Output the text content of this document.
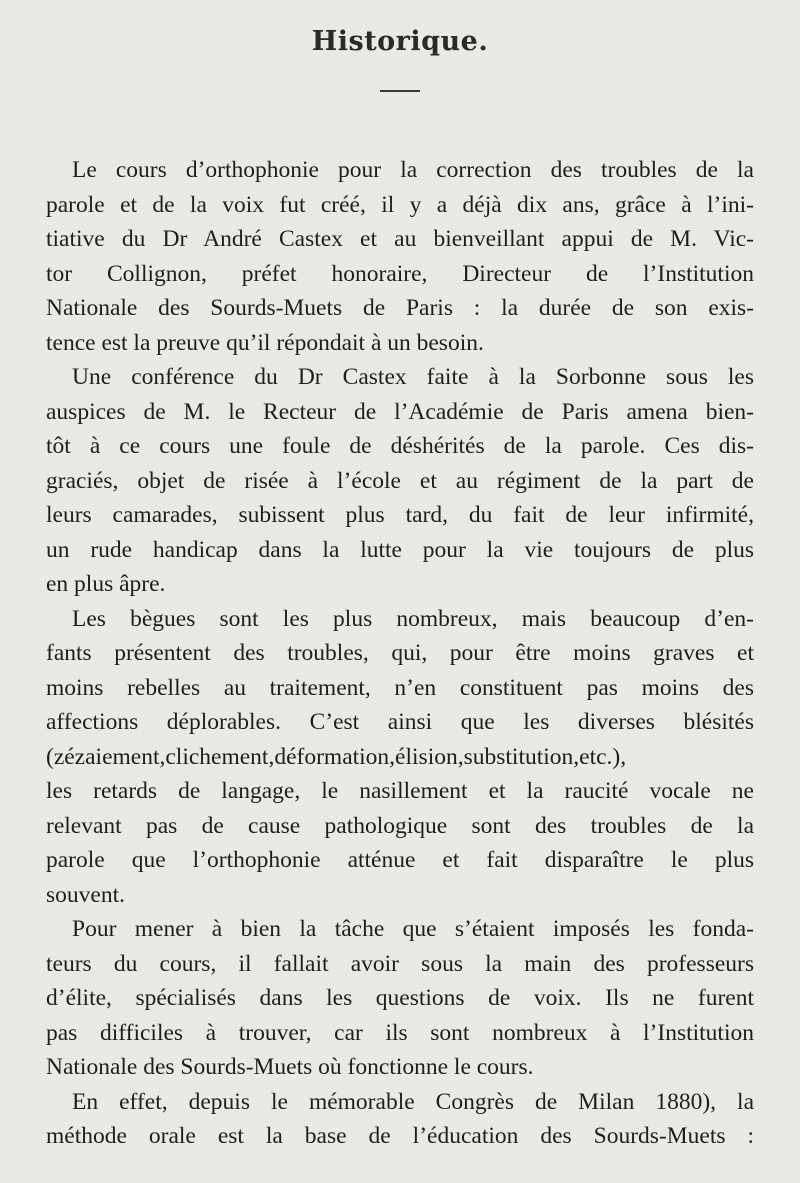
Historique.
Le cours d’orthophonie pour la correction des troubles de la
parole et de la voix fut créé, il y a déjà dix ans, grâce à l’ini-
tiative du Dr André Castex et au bienveillant appui de M. Vic-
tor Collignon, préfet honoraire, Directeur de l’Institution
Nationale des Sourds-Muets de Paris : la durée de son exis-
tence est la preuve qu’il répondait à un besoin.
Une conférence du Dr Castex faite à la Sorbonne sous les
auspices de M. le Recteur de l’Académie de Paris amena bien-
tôt à ce cours une foule de déshérités de la parole. Ces dis-
graciés, objet de risée à l’école et au régiment de la part de
leurs camarades, subissent plus tard, du fait de leur infirmité,
un rude handicap dans la lutte pour la vie toujours de plus
en plus âpre.
Les bègues sont les plus nombreux, mais beaucoup d’en-
fants présentent des troubles, qui, pour être moins graves et
moins rebelles au traitement, n’en constituent pas moins des
affections déplorables. C’est ainsi que les diverses blésités
(zézaiement,clichement,déformation,élision,substitution,etc.),
les retards de langage, le nasillement et la raucité vocale ne
relevant pas de cause pathologique sont des troubles de la
parole que l’orthophonie atténue et fait disparaître le plus
souvent.
Pour mener à bien la tâche que s’étaient imposés les fonda-
teurs du cours, il fallait avoir sous la main des professeurs
d’élite, spécialisés dans les questions de voix. Ils ne furent
pas difficiles à trouver, car ils sont nombreux à l’Institution
Nationale des Sourds-Muets où fonctionne le cours.
En effet, depuis le mémorable Congrès de Milan 1880), la
méthode orale est la base de l’éducation des Sourds-Muets :
